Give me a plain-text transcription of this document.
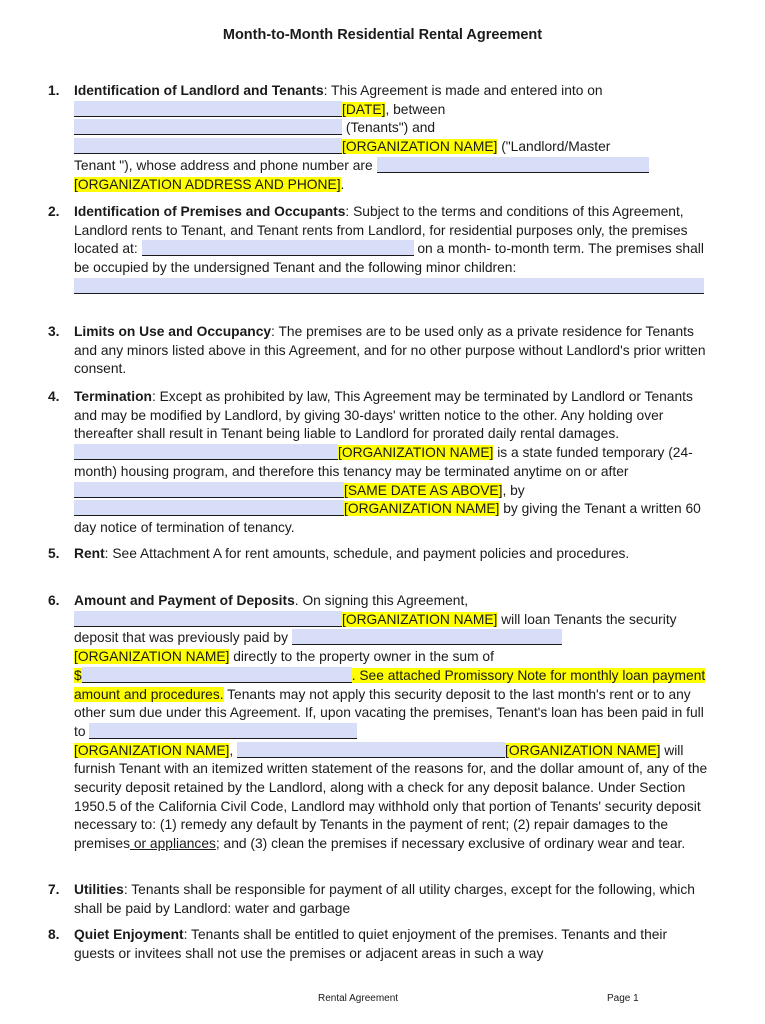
Month-to-Month Residential Rental Agreement
1.	Identification of Landlord and Tenants: This Agreement is made and entered into on
[DATE], between
(Tenants") and
[ORGANIZATION NAME] ("Landlord/Master
Tenant "), whose address and phone number are
[ORGANIZATION ADDRESS AND PHONE].
2.	Identification of Premises and Occupants: Subject to the terms and conditions of this Agreement, Landlord rents to Tenant, and Tenant rents from Landlord, for residential purposes only, the premises located at:	on a month- to-month term. The premises shall be occupied by the undersigned Tenant and the following minor children:

3.	Limits on Use and Occupancy: The premises are to be used only as a private residence for Tenants and any minors listed above in this Agreement, and for no other purpose without Landlord's prior written consent.
4.	Termination: Except as prohibited by law, This Agreement may be terminated by Landlord or Tenants and may be modified by Landlord, by giving 30-days' written notice to the other. Any holding over thereafter shall result in Tenant being liable to Landlord for prorated daily rental damages. [ORGANIZATION NAME] is a state funded temporary (24-month) housing program, and therefore this tenancy may be terminated anytime on or after [SAME DATE AS ABOVE], by [ORGANIZATION NAME] by giving the Tenant a written 60 day notice of termination of tenancy.
5.	Rent: See Attachment A for rent amounts, schedule, and payment policies and procedures.
6.	Amount and Payment of Deposits. On signing this Agreement,
[ORGANIZATION NAME] will loan Tenants the security deposit that was previously paid by
[ORGANIZATION NAME] directly to the property owner in the sum of
$	. See attached Promissory Note for monthly loan payment amount and procedures. Tenants may not apply this security deposit to the last month's rent or to any other sum due under this Agreement. If, upon vacating the premises, Tenant's loan has been paid in full to
[ORGANIZATION NAME],	[ORGANIZATION NAME] will furnish Tenant with an itemized written statement of the reasons for, and the dollar amount of, any of the security deposit retained by the Landlord, along with a check for any deposit balance. Under Section 1950.5 of the California Civil Code, Landlord may withhold only that portion of Tenants' security deposit necessary to: (1) remedy any default by Tenants in the payment of rent; (2) repair damages to the premises or appliances; and (3) clean the premises if necessary exclusive of ordinary wear and tear.
7.	Utilities: Tenants shall be responsible for payment of all utility charges, except for the following, which shall be paid by Landlord: water and garbage
8.	Quiet Enjoyment: Tenants shall be entitled to quiet enjoyment of the premises. Tenants and their guests or invitees shall not use the premises or adjacent areas in such a way
Rental Agreement	Page 1
